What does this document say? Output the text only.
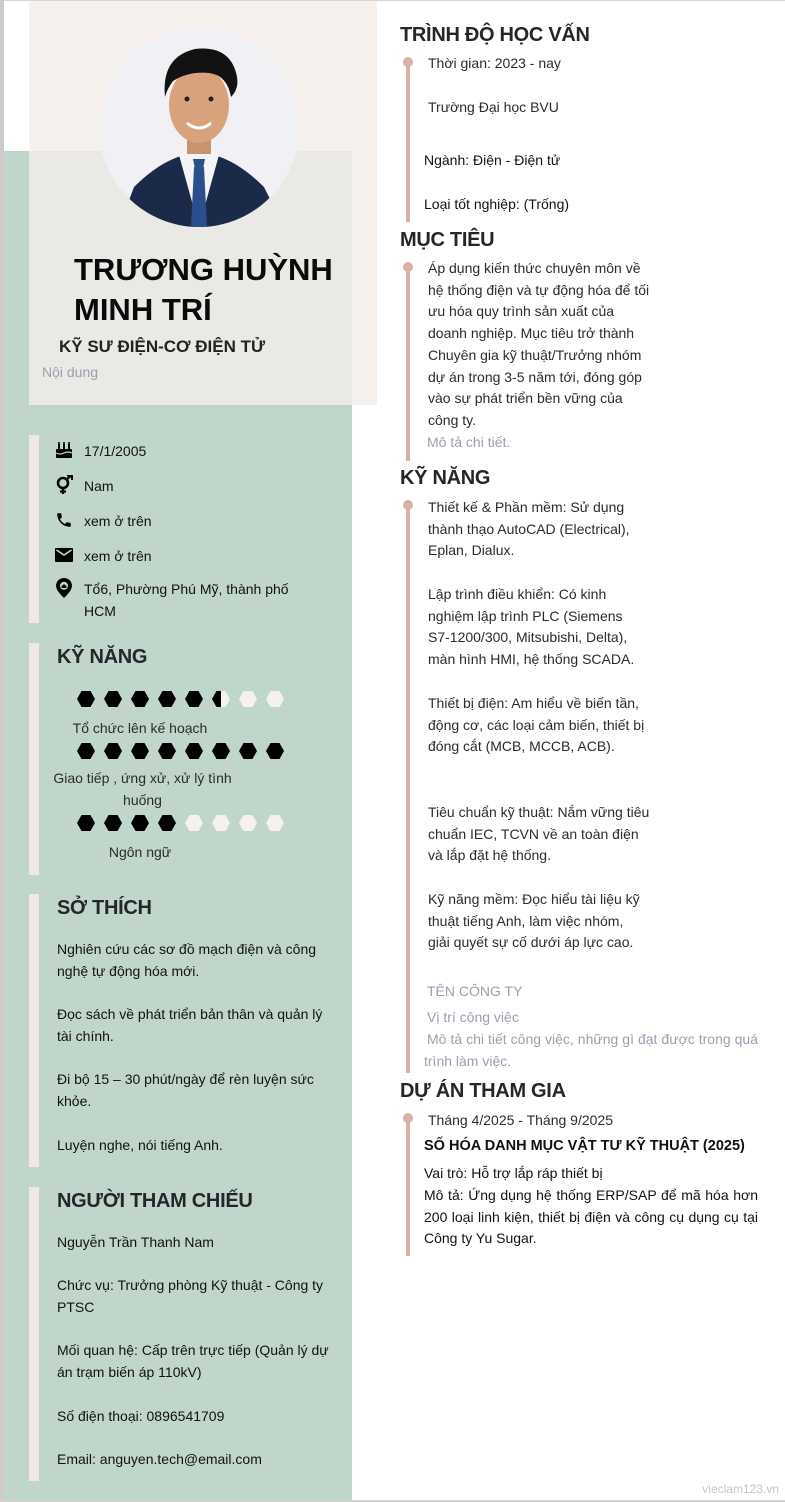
TRƯƠNG HUỲNH
MINH TRÍ
KỸ SƯ ĐIỆN-CƠ ĐIỆN TỬ
Nội dung
17/1/2005
Nam
xem ở trên
xem ở trên
Tổ6, Phường Phú Mỹ, thành phố HCM
KỸ NĂNG
Tổ chức lên kế hoạch
Giao tiếp , ứng xử, xử lý tình huống
Ngôn ngữ
SỞ THÍCH
Nghiên cứu các sơ đồ mạch điện và công nghệ tự động hóa mới.
Đọc sách về phát triển bản thân và quản lý tài chính.
Đi bộ 15 – 30 phút/ngày để rèn luyện sức khỏe.
Luyện nghe, nói tiếng Anh.
NGƯỜI THAM CHIẾU
Nguyễn Trần Thanh Nam
Chức vụ: Trưởng phòng Kỹ thuật - Công ty PTSC
Mối quan hệ: Cấp trên trực tiếp (Quản lý dự án trạm biến áp 110kV)
Số điện thoại: 0896541709
Email: anguyen.tech@email.com
TRÌNH ĐỘ HỌC VẤN
Thời gian: 2023 - nay
Trường Đại học BVU
Ngành: Điện - Điện tử
Loại tốt nghiệp: (Trống)
MỤC TIÊU
Áp dụng kiến thức chuyên môn về hệ thống điện và tự động hóa để tối ưu hóa quy trình sản xuất của doanh nghiệp. Mục tiêu trở thành Chuyên gia kỹ thuật/Trưởng nhóm dự án trong 3-5 năm tới, đóng góp vào sự phát triển bền vững của công ty.
Mô tả chi tiết.
KỸ NĂNG
Thiết kế & Phần mềm: Sử dụng thành thạo AutoCAD (Electrical), Eplan, Dialux.
Lập trình điều khiển: Có kinh nghiệm lập trình PLC (Siemens S7-1200/300, Mitsubishi, Delta), màn hình HMI, hệ thống SCADA.
Thiết bị điện: Am hiểu về biến tần, động cơ, các loại cảm biến, thiết bị đóng cắt (MCB, MCCB, ACB).
Tiêu chuẩn kỹ thuật: Nắm vững tiêu chuẩn IEC, TCVN về an toàn điện và lắp đặt hệ thống.
Kỹ năng mềm: Đọc hiểu tài liệu kỹ thuật tiếng Anh, làm việc nhóm, giải quyết sự cố dưới áp lực cao.
TÊN CÔNG TY
Vị trí công việc
Mô tả chi tiết công việc, những gì đạt được trong quá trình làm việc.
DỰ ÁN THAM GIA
Tháng 4/2025 - Tháng 9/2025
SỐ HÓA DANH MỤC VẬT TƯ KỸ THUẬT (2025)
Vai trò: Hỗ trợ lắp ráp thiết bị
Mô tả: Ứng dụng hệ thống ERP/SAP để mã hóa hơn 200 loại linh kiện, thiết bị điện và công cụ dụng cụ tại Công ty Yu Sugar.
vieclam123.vn
